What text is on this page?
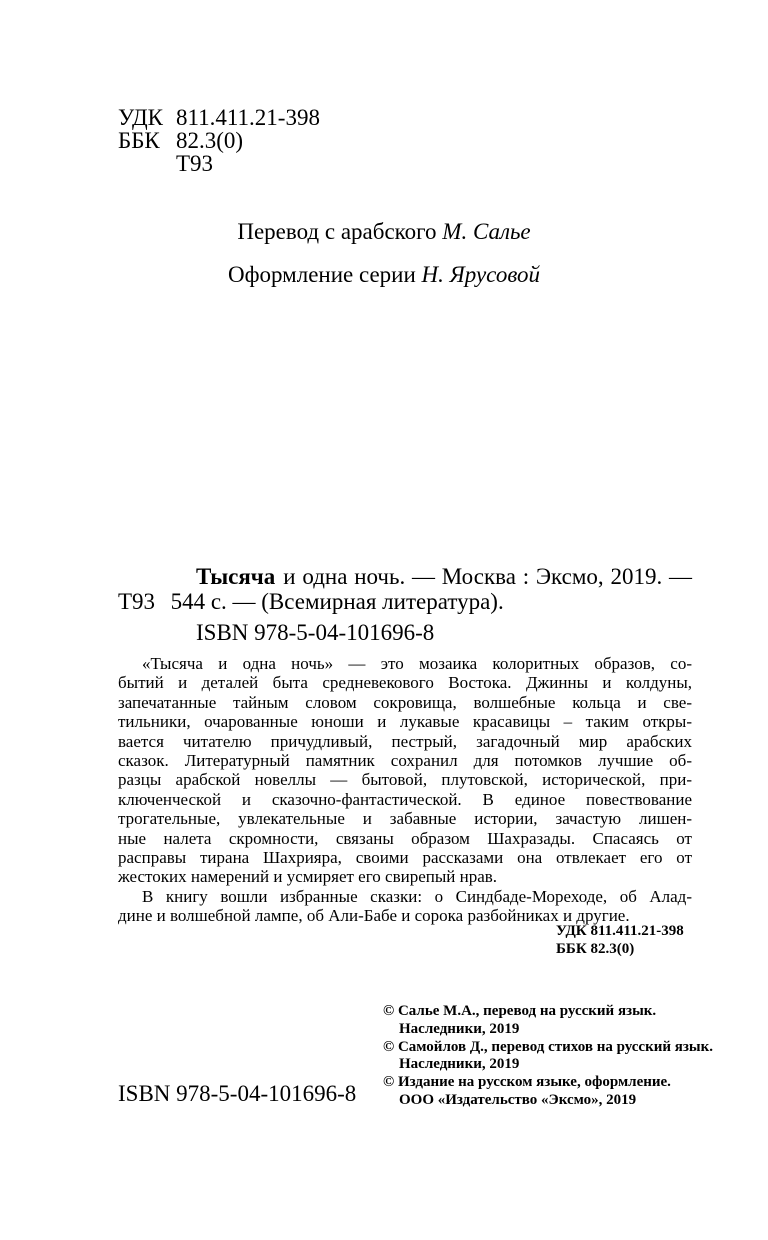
УДК 811.411.21-398
ББК 82.3(0)
Т93
Перевод с арабского М. Салье
Оформление серии Н. Ярусовой
Тысяча и одна ночь. — Москва : Эксмо, 2019. —
Т93 544 с. — (Всемирная литература).
ISBN 978-5-04-101696-8

«Тысяча и одна ночь» — это мозаика колоритных образов, со-

бытий и деталей быта средневекового Востока. Джинны и колдуны,

запечатанные тайным словом сокровища, волшебные кольца и све-

тильники, очарованные юноши и лукавые красавицы – таким откры-

вается читателю причудливый, пестрый, загадочный мир арабских

сказок. Литературный памятник сохранил для потомков лучшие об-

разцы арабской новеллы — бытовой, плутовской, исторической, при-

ключенческой и сказочно-фантастической. В единое повествование

трогательные, увлекательные и забавные истории, зачастую лишен-

ные налета скромности, связаны образом Шахразады. Спасаясь от

расправы тирана Шахрияра, своими рассказами она отвлекает его от

жестоких намерений и усмиряет его свирепый нрав.

В книгу вошли избранные сказки: о Синдбаде-Мореходе, об Алад-

дине и волшебной лампе, об Али-Бабе и сорока разбойниках и другие.

УДК 811.411.21-398
ББК 82.3(0)
© Салье М.А., перевод на русский язык.
Наследники, 2019
© Самойлов Д., перевод стихов на русский язык.
Наследники, 2019
© Издание на русском языке, оформление.
ООО «Издательство «Эксмо», 2019
ISBN 978-5-04-101696-8
